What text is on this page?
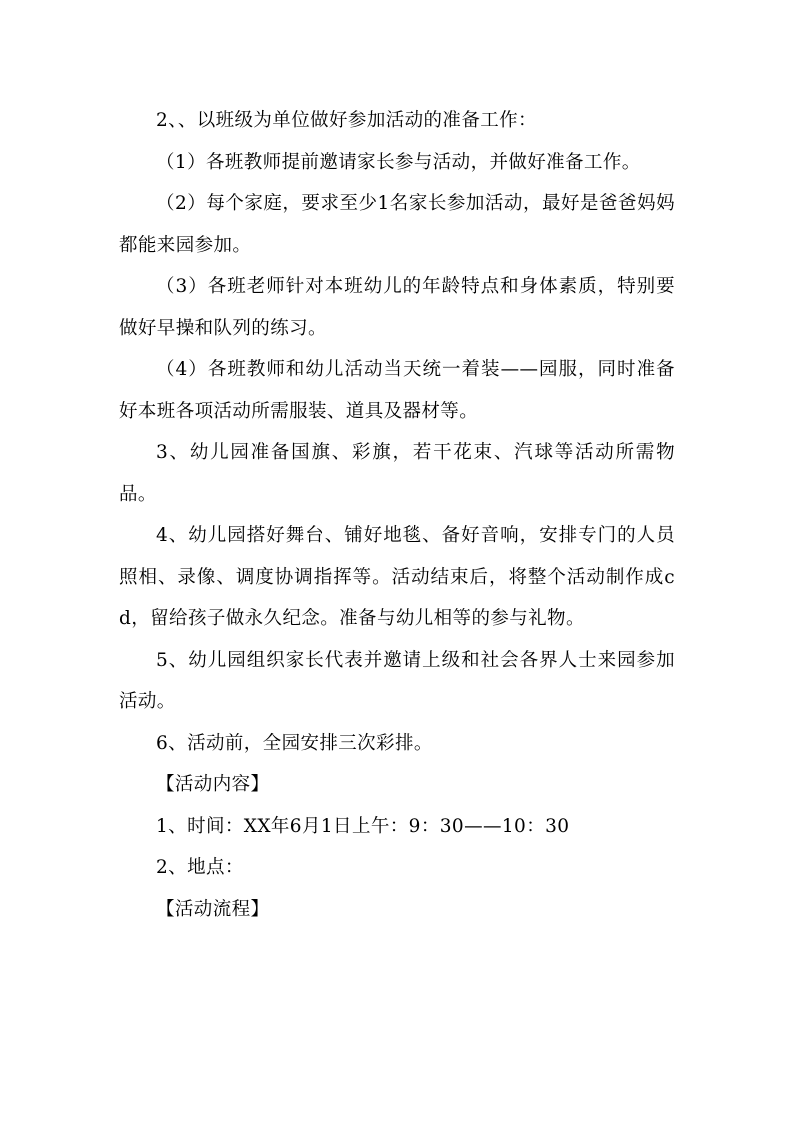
2、、以班级为单位做好参加活动的准备工作：

（1）各班教师提前邀请家长参与活动，并做好准备工作。

（2）每个家庭，要求至少1名家长参加活动，最好是爸爸妈妈都能来园参加。

（3）各班老师针对本班幼儿的年龄特点和身体素质，特别要做好早操和队列的练习。

（4）各班教师和幼儿活动当天统一着装——园服，同时准备好本班各项活动所需服装、道具及器材等。

3、幼儿园准备国旗、彩旗，若干花束、汽球等活动所需物品。

4、幼儿园搭好舞台、铺好地毯、备好音响，安排专门的人员照相、录像、调度协调指挥等。活动结束后，将整个活动制作成cd，留给孩子做永久纪念。准备与幼儿相等的参与礼物。

5、幼儿园组织家长代表并邀请上级和社会各界人士来园参加活动。

6、活动前，全园安排三次彩排。

【活动内容】

1、时间：XX年6月1日上午：9：30——10：30

2、地点：

【活动流程】
